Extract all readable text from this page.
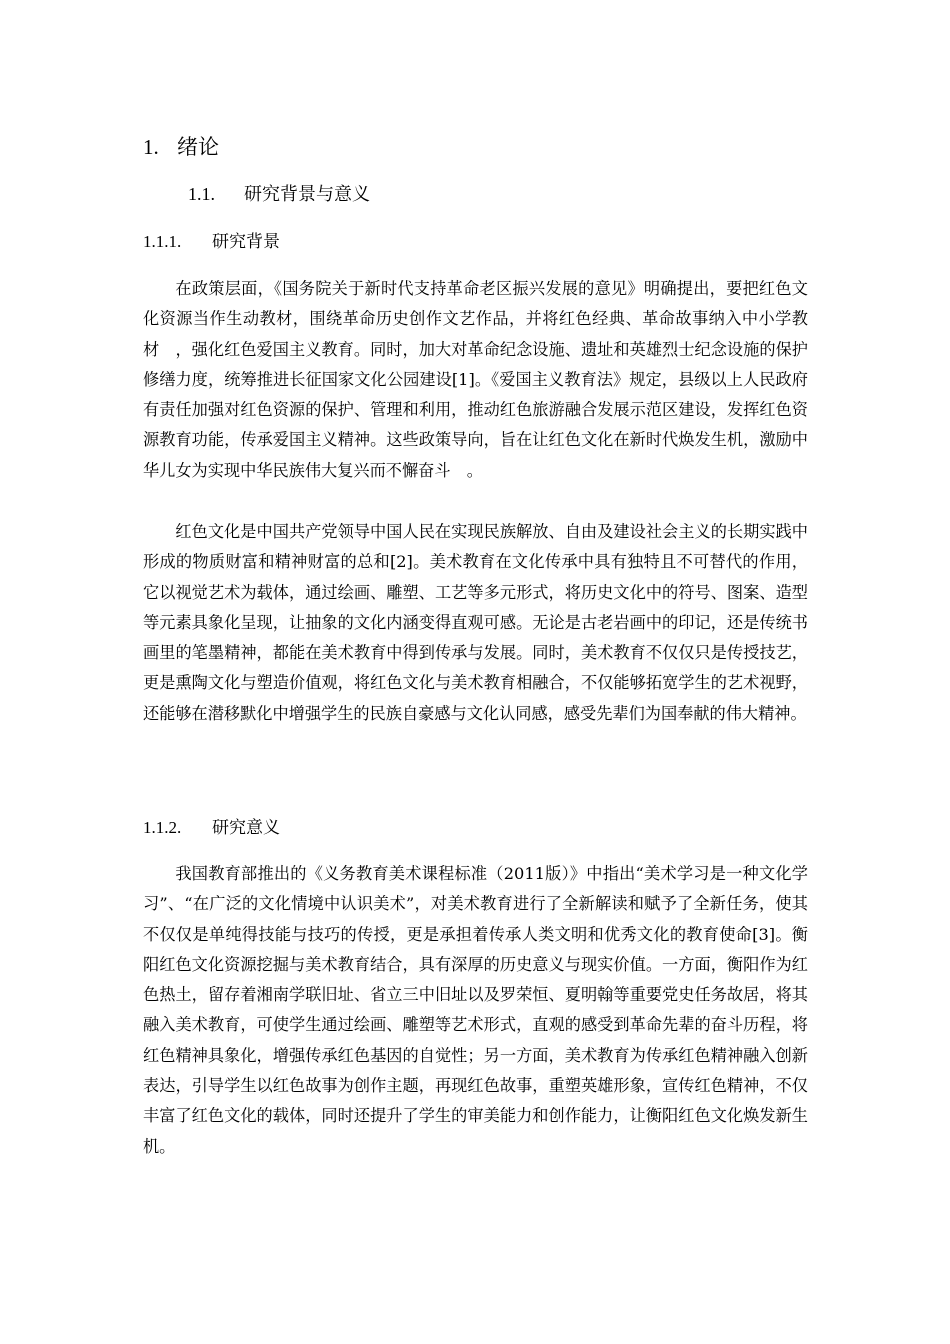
1. 绪论
1.1. 研究背景与意义
1.1.1. 研究背景

在政策层面，《国务院关于新时代支持革命老区振兴发展的意见》明确提出，要把红色文化资源当作生动教材，围绕革命历史创作文艺作品，并将红色经典、革命故事纳入中小学教材　，强化红色爱国主义教育。同时，加大对革命纪念设施、遗址和英雄烈士纪念设施的保护修缮力度，统筹推进长征国家文化公园建设[1]。《爱国主义教育法》规定，县级以上人民政府有责任加强对红色资源的保护、管理和利用，推动红色旅游融合发展示范区建设，发挥红色资源教育功能，传承爱国主义精神。这些政策导向，旨在让红色文化在新时代焕发生机，激励中华儿女为实现中华民族伟大复兴而不懈奋斗　。

红色文化是中国共产党领导中国人民在实现民族解放、自由及建设社会主义的长期实践中形成的物质财富和精神财富的总和[2]。美术教育在文化传承中具有独特且不可替代的作用，它以视觉艺术为载体，通过绘画、雕塑、工艺等多元形式，将历史文化中的符号、图案、造型等元素具象化呈现，让抽象的文化内涵变得直观可感。无论是古老岩画中的印记，还是传统书画里的笔墨精神，都能在美术教育中得到传承与发展。同时，美术教育不仅仅只是传授技艺，更是熏陶文化与塑造价值观，将红色文化与美术教育相融合，不仅能够拓宽学生的艺术视野，还能够在潜移默化中增强学生的民族自豪感与文化认同感，感受先辈们为国奉献的伟大精神。

1.1.2. 研究意义

我国教育部推出的《义务教育美术课程标准（2011版）》中指出“美术学习是一种文化学习”、“在广泛的文化情境中认识美术”，对美术教育进行了全新解读和赋予了全新任务，使其不仅仅是单纯得技能与技巧的传授，更是承担着传承人类文明和优秀文化的教育使命[3]。衡阳红色文化资源挖掘与美术教育结合，具有深厚的历史意义与现实价值。一方面，衡阳作为红色热土，留存着湘南学联旧址、省立三中旧址以及罗荣恒、夏明翰等重要党史任务故居，将其融入美术教育，可使学生通过绘画、雕塑等艺术形式，直观的感受到革命先辈的奋斗历程，将红色精神具象化，增强传承红色基因的自觉性；另一方面，美术教育为传承红色精神融入创新表达，引导学生以红色故事为创作主题，再现红色故事，重塑英雄形象，宣传红色精神，不仅丰富了红色文化的载体，同时还提升了学生的审美能力和创作能力，让衡阳红色文化焕发新生机。
